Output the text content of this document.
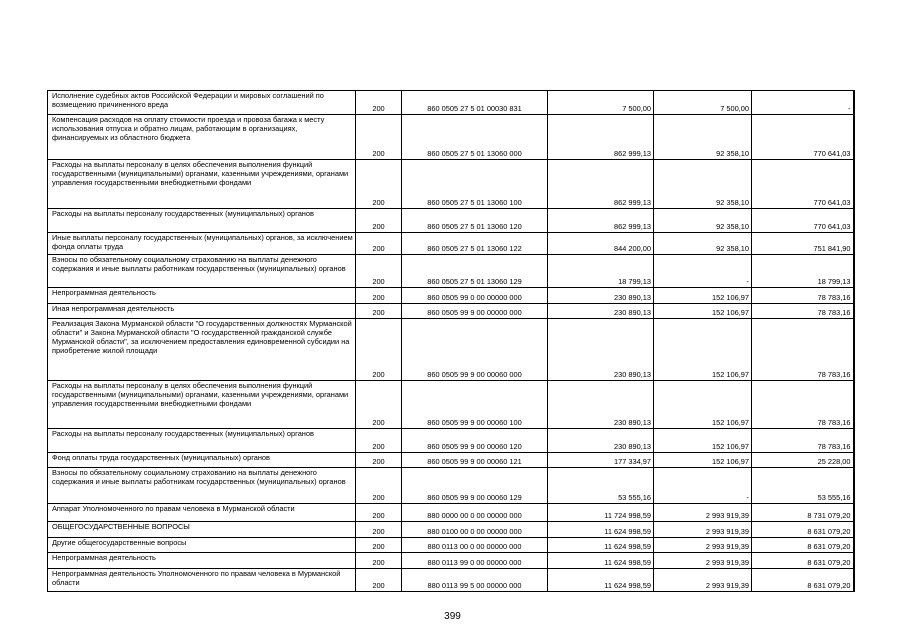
Исполнение судебных актов Российской Федерации и мировых соглашений по возмещению причиненного вреда	200	860 0505 27 5 01 00030 831	7 500,00	7 500,00	-
Компенсация расходов на оплату стоимости проезда и провоза багажа к месту использования отпуска и обратно лицам, работающим в организациях, финансируемых из областного бюджета	200	860 0505 27 5 01 13060 000	862 999,13	92 358,10	770 641,03
Расходы на выплаты персоналу в целях обеспечения выполнения функций государственными (муниципальными) органами, казенными учреждениями, органами управления государственными внебюджетными фондами	200	860 0505 27 5 01 13060 100	862 999,13	92 358,10	770 641,03
Расходы на выплаты персоналу государственных (муниципальных) органов	200	860 0505 27 5 01 13060 120	862 999,13	92 358,10	770 641,03
Иные выплаты персоналу государственных (муниципальных) органов, за исключением фонда оплаты труда	200	860 0505 27 5 01 13060 122	844 200,00	92 358,10	751 841,90
Взносы по обязательному социальному страхованию на выплаты денежного содержания и иные выплаты работникам государственных (муниципальных) органов	200	860 0505 27 5 01 13060 129	18 799,13	-	18 799,13
Непрограммная деятельность	200	860 0505 99 0 00 00000 000	230 890,13	152 106,97	78 783,16
Иная непрограммная деятельность	200	860 0505 99 9 00 00000 000	230 890,13	152 106,97	78 783,16
Реализация Закона Мурманской области "О государственных должностях Мурманской области" и Закона Мурманской области "О государственной гражданской службе Мурманской области", за исключением предоставления единовременной субсидии на приобретение жилой площади	200	860 0505 99 9 00 00060 000	230 890,13	152 106,97	78 783,16
Расходы на выплаты персоналу в целях обеспечения выполнения функций государственными (муниципальными) органами, казенными учреждениями, органами управления государственными внебюджетными фондами	200	860 0505 99 9 00 00060 100	230 890,13	152 106,97	78 783,16
Расходы на выплаты персоналу государственных (муниципальных) органов	200	860 0505 99 9 00 00060 120	230 890,13	152 106,97	78 783,16
Фонд оплаты труда государственных (муниципальных) органов	200	860 0505 99 9 00 00060 121	177 334,97	152 106,97	25 228,00
Взносы по обязательному социальному страхованию на выплаты денежного содержания и иные выплаты работникам государственных (муниципальных) органов	200	860 0505 99 9 00 00060 129	53 555,16	-	53 555,16
Аппарат Уполномоченного по правам человека в Мурманской области	200	880 0000 00 0 00 00000 000	11 724 998,59	2 993 919,39	8 731 079,20
ОБЩЕГОСУДАРСТВЕННЫЕ ВОПРОСЫ	200	880 0100 00 0 00 00000 000	11 624 998,59	2 993 919,39	8 631 079,20
Другие общегосударственные вопросы	200	880 0113 00 0 00 00000 000	11 624 998,59	2 993 919,39	8 631 079,20
Непрограммная деятельность	200	880 0113 99 0 00 00000 000	11 624 998,59	2 993 919,39	8 631 079,20
Непрограммная деятельность Уполномоченного по правам человека в Мурманской области	200	880 0113 99 5 00 00000 000	11 624 998,59	2 993 919,39	8 631 079,20
399
